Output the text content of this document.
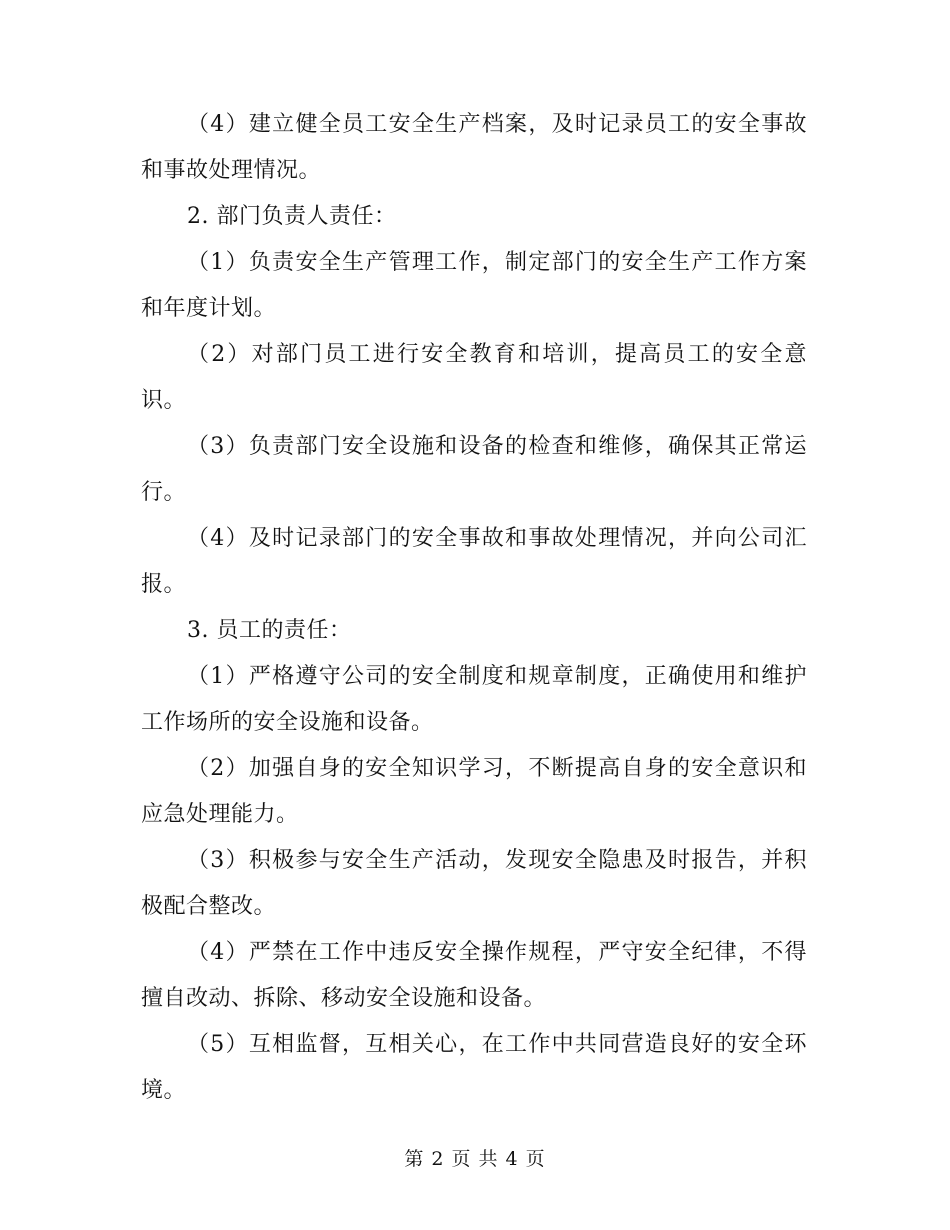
（4）建立健全员工安全生产档案，及时记录员工的安全事故和事故处理情况。

2. 部门负责人责任：

（1）负责安全生产管理工作，制定部门的安全生产工作方案和年度计划。

（2）对部门员工进行安全教育和培训，提高员工的安全意识。

（3）负责部门安全设施和设备的检查和维修，确保其正常运行。

（4）及时记录部门的安全事故和事故处理情况，并向公司汇报。

3. 员工的责任：

（1）严格遵守公司的安全制度和规章制度，正确使用和维护工作场所的安全设施和设备。

（2）加强自身的安全知识学习，不断提高自身的安全意识和应急处理能力。

（3）积极参与安全生产活动，发现安全隐患及时报告，并积极配合整改。

（4）严禁在工作中违反安全操作规程，严守安全纪律，不得擅自改动、拆除、移动安全设施和设备。

（5）互相监督，互相关心，在工作中共同营造良好的安全环境。

第 2 页 共 4 页
